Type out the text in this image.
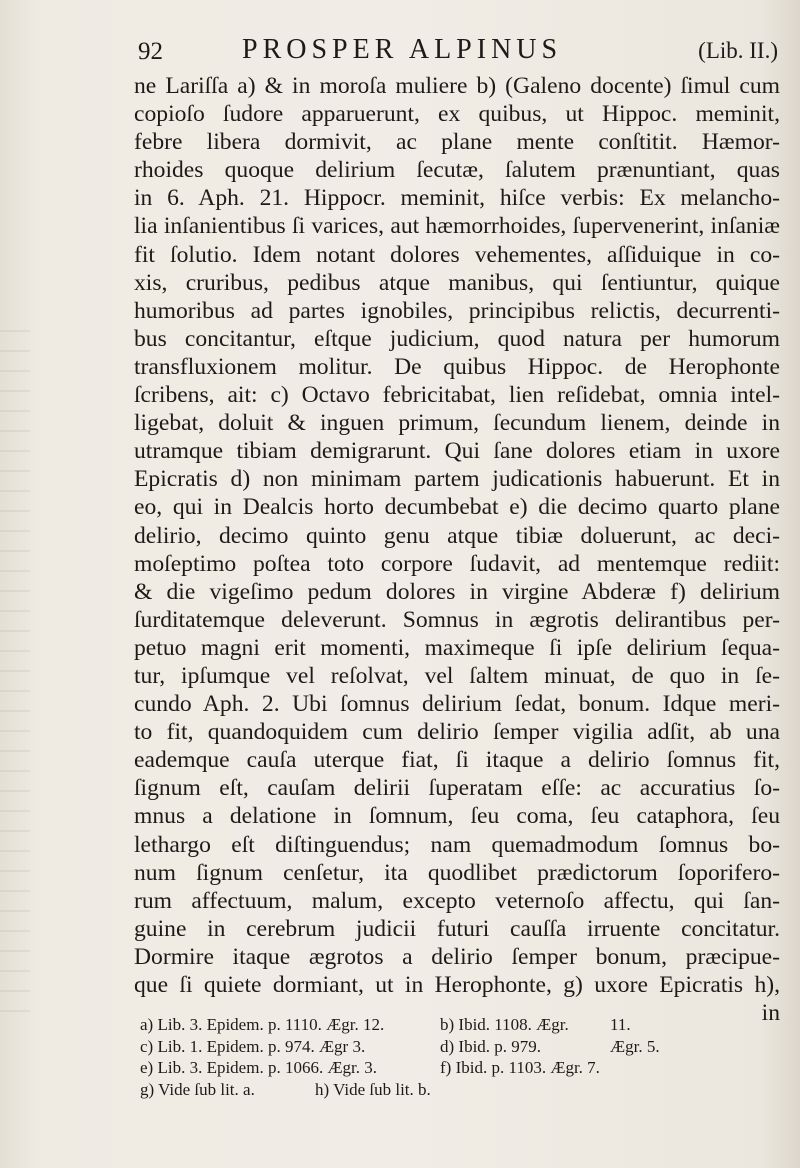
92	PROSPER ALPINUS	(Lib. II.)
ne Lariſſa a) & in moroſa muliere b) (Galeno docente) ſimul cum
copioſo ſudore apparuerunt, ex quibus, ut Hippoc. meminit,
febre libera dormivit, ac plane mente conſtitit. Hæmor-
rhoides quoque delirium ſecutæ, ſalutem prænuntiant, quas
in 6. Aph. 21. Hippocr. meminit, hiſce verbis: Ex melancho-
lia inſanientibus ſi varices, aut hæmorrhoides, ſupervenerint, inſaniæ
fit ſolutio. Idem notant dolores vehementes, aſſiduique in co-
xis, cruribus, pedibus atque manibus, qui ſentiuntur, quique
humoribus ad partes ignobiles, principibus relictis, decurrenti-
bus concitantur, eſtque judicium, quod natura per humorum
transfluxionem molitur. De quibus Hippoc. de Herophonte
ſcribens, ait: c) Octavo febricitabat, lien reſidebat, omnia intel-
ligebat, doluit & inguen primum, ſecundum lienem, deinde in
utramque tibiam demigrarunt. Qui ſane dolores etiam in uxore
Epicratis d) non minimam partem judicationis habuerunt. Et in
eo, qui in Dealcis horto decumbebat e) die decimo quarto plane
delirio, decimo quinto genu atque tibiæ doluerunt, ac deci-
moſeptimo poſtea toto corpore ſudavit, ad mentemque rediit:
& die vigeſimo pedum dolores in virgine Abderæ f) delirium
ſurditatemque deleverunt. Somnus in ægrotis delirantibus per-
petuo magni erit momenti, maximeque ſi ipſe delirium ſequa-
tur, ipſumque vel reſolvat, vel ſaltem minuat, de quo in ſe-
cundo Aph. 2. Ubi ſomnus delirium ſedat, bonum. Idque meri-
to fit, quandoquidem cum delirio ſemper vigilia adſit, ab una
eademque cauſa uterque fiat, ſi itaque a delirio ſomnus fit,
ſignum eſt, cauſam delirii ſuperatam eſſe: ac accuratius ſo-
mnus a delatione in ſomnum, ſeu coma, ſeu cataphora, ſeu
lethargo eſt diſtinguendus; nam quemadmodum ſomnus bo-
num ſignum cenſetur, ita quodlibet prædictorum ſoporifero-
rum affectuum, malum, excepto veternoſo affectu, qui ſan-
guine in cerebrum judicii futuri cauſſa irruente concitatur.
Dormire itaque ægrotos a delirio ſemper bonum, præcipue-
que ſi quiete dormiant, ut in Herophonte, g) uxore Epicratis h),
in
a) Lib. 3. Epidem. p. 1110. Ægr. 12.	b) Ibid. 1108. Ægr. 11.
c) Lib. 1. Epidem. p. 974. Ægr 3.	d) Ibid. p. 979.	Ægr. 5.
e) Lib. 3. Epidem. p. 1066. Ægr. 3.	f) Ibid. p. 1103. Ægr. 7.
g) Vide ſub lit. a.	h) Vide ſub lit. b.
